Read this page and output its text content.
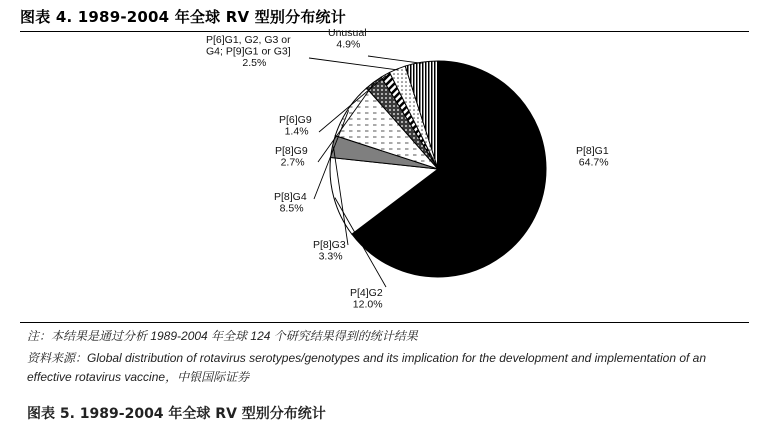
图表 4. 1989-2004 年全球 RV 型别分布统计
P[8]G1 64.7%
P[4]G2 12.0%
P[8]G3 3.3%
P[8]G4 8.5%
P[8]G9 2.7%
P[6]G9 1.4%
P[6]G1, G2, G3 or G4; P[9]G1 or G3] 2.5%
Unusual 4.9%
注：本结果是通过分析 1989-2004 年全球 124 个研究结果得到的统计结果
资料来源：Global distribution of rotavirus serotypes/genotypes and its implication for the development and implementation of an effective rotavirus vaccine，中银国际证券
图表 5. 1989-2004 年全球 RV 型别分布统计
